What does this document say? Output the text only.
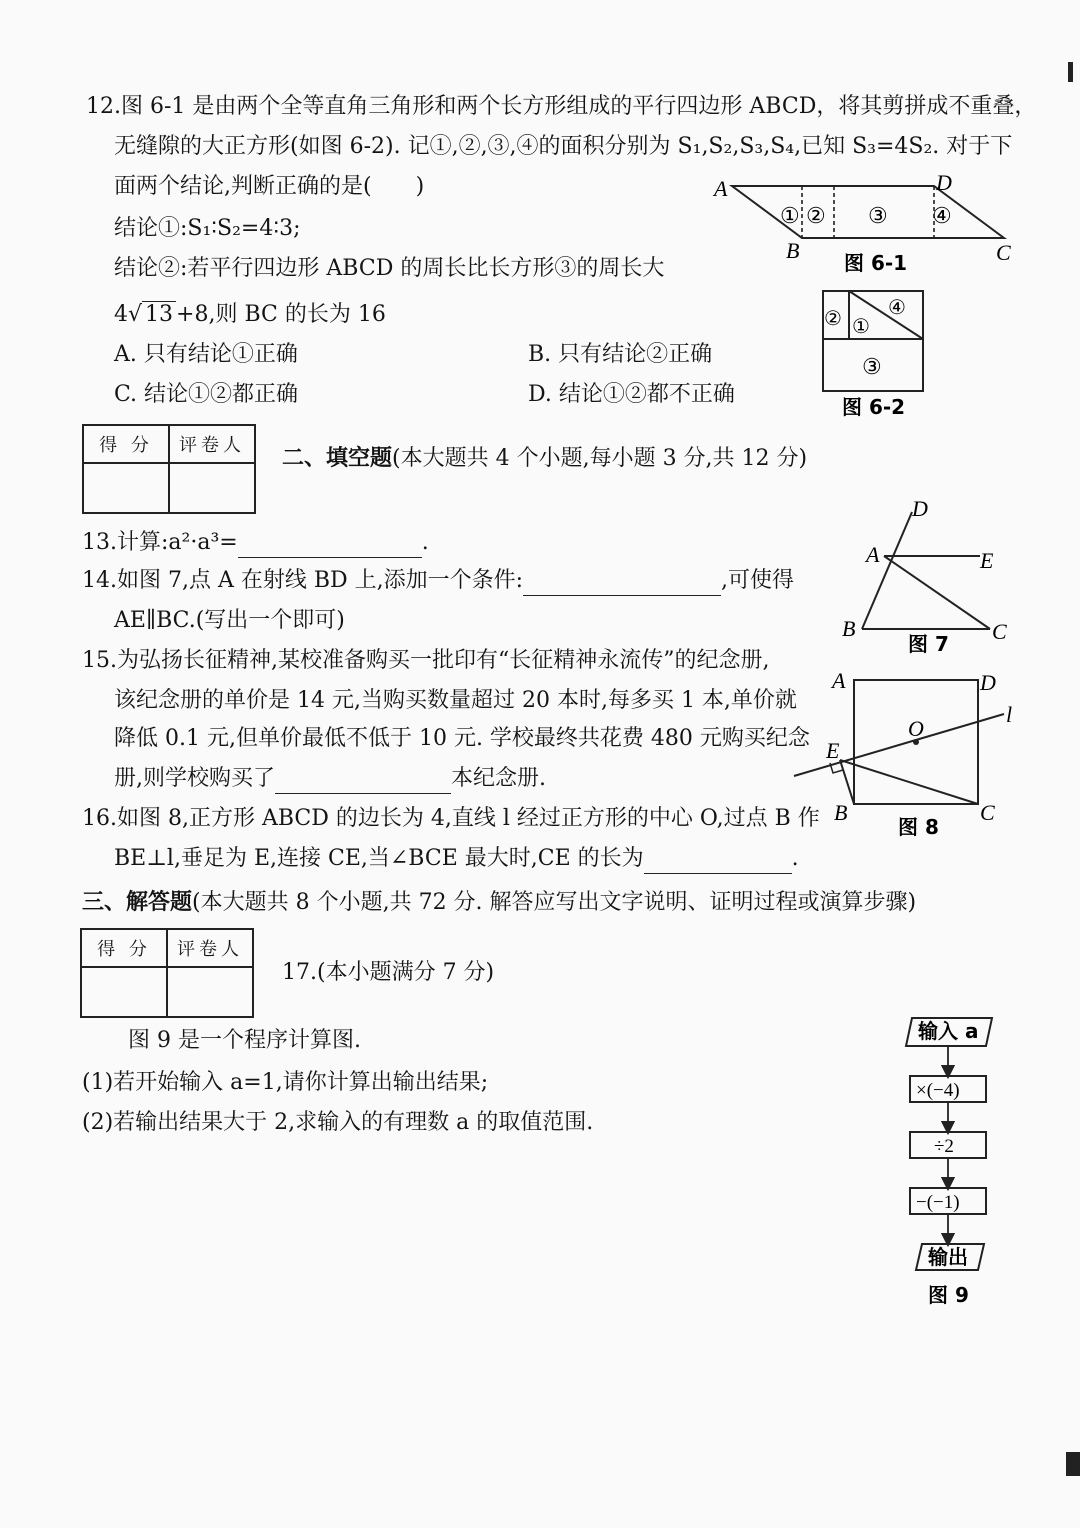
12.图 6-1 是由两个全等直角三角形和两个长方形组成的平行四边形 ABCD，将其剪拼成不重叠，
无缝隙的大正方形(如图 6-2). 记①,②,③,④的面积分别为 S₁,S₂,S₃,S₄,已知 S₃=4S₂. 对于下
面两个结论,判断正确的是(　　)
结论①:S₁∶S₂=4∶3;
结论②:若平行四边形 ABCD 的周长比长方形③的周长大
4√ 13 +8,则 BC 的长为 16
A. 只有结论①正确	B. 只有结论②正确
C. 结论①②都正确	D. 结论①②都不正确
A	D
B	C
① ② ③ ④
图 6-1
② ①
④
③
图 6-2
得 分	评卷人

二、填空题(本大题共 4 个小题,每小题 3 分,共 12 分)
13.计算:a²·a³=	.
14.如图 7,点 A 在射线 BD 上,添加一个条件:	,可使得
AE∥BC.(写出一个即可)
D
A	E
B	C
图 7
15.为弘扬长征精神,某校准备购买一批印有“长征精神永流传”的纪念册,
该纪念册的单价是 14 元,当购买数量超过 20 本时,每多买 1 本,单价就
降低 0.1 元,但单价最低不低于 10 元. 学校最终共花费 480 元购买纪念
册,则学校购买了	本纪念册.
A	D
O
l
E
B	C
图 8
16.如图 8,正方形 ABCD 的边长为 4,直线 l 经过正方形的中心 O,过点 B 作
BE⊥l,垂足为 E,连接 CE,当∠BCE 最大时,CE 的长为	.
三、解答题(本大题共 8 个小题,共 72 分. 解答应写出文字说明、证明过程或演算步骤)
得 分	评卷人

17.(本小题满分 7 分)
图 9 是一个程序计算图.
(1)若开始输入 a=1,请你计算出输出结果;
(2)若输出结果大于 2,求输入的有理数 a 的取值范围.
输入 a
×(−4)
÷2
−(−1)
输出
图 9
